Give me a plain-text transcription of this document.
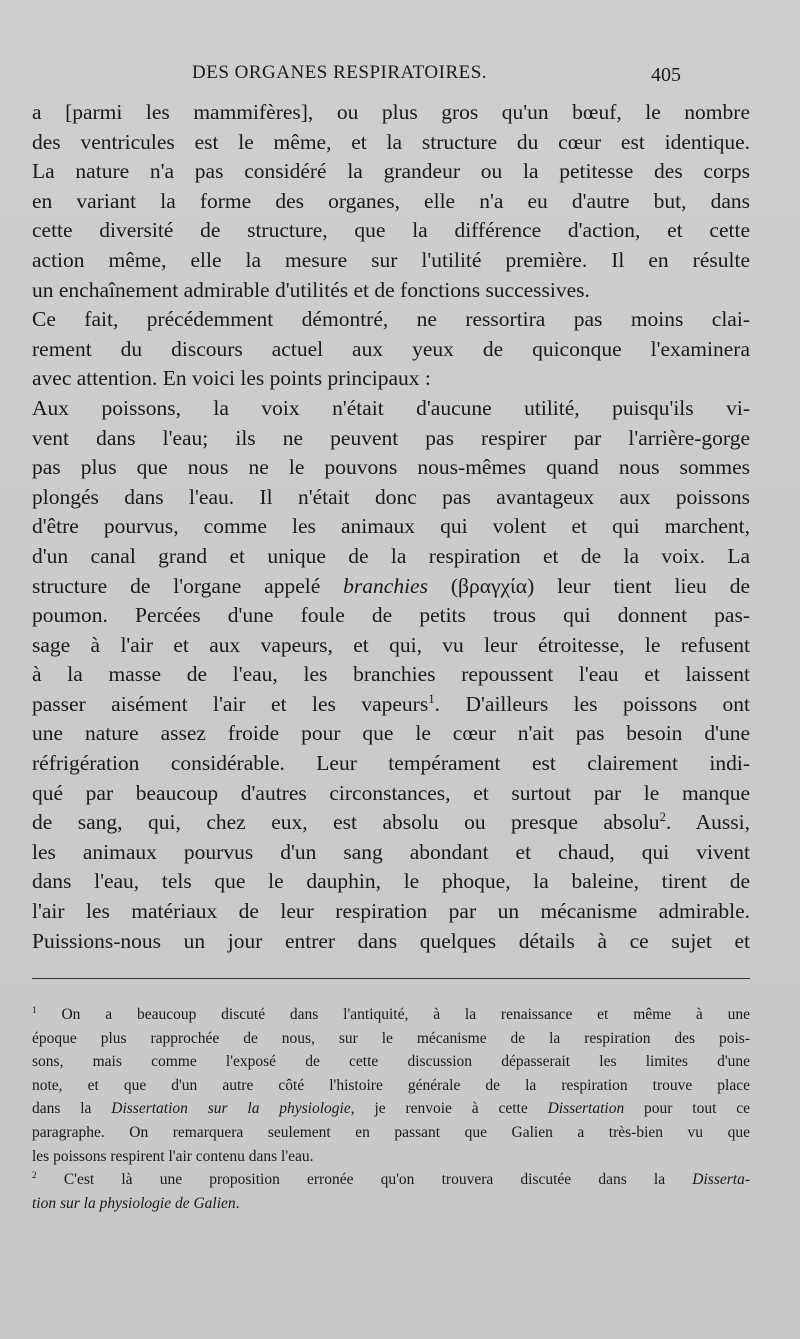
DES ORGANES RESPIRATOIRES.	405
a [parmi les mammifères], ou plus gros qu'un bœuf, le nombre
des ventricules est le même, et la structure du cœur est identique.
La nature n'a pas considéré la grandeur ou la petitesse des corps
en variant la forme des organes, elle n'a eu d'autre but, dans
cette diversité de structure, que la différence d'action, et cette
action même, elle la mesure sur l'utilité première. Il en résulte
un enchaînement admirable d'utilités et de fonctions successives.
Ce fait, précédemment démontré, ne ressortira pas moins clai-
rement du discours actuel aux yeux de quiconque l'examinera
avec attention. En voici les points principaux :
Aux poissons, la voix n'était d'aucune utilité, puisqu'ils vi-
vent dans l'eau; ils ne peuvent pas respirer par l'arrière-gorge
pas plus que nous ne le pouvons nous-mêmes quand nous sommes
plongés dans l'eau. Il n'était donc pas avantageux aux poissons
d'être pourvus, comme les animaux qui volent et qui marchent,
d'un canal grand et unique de la respiration et de la voix. La
structure de l'organe appelé branchies (βραγχία) leur tient lieu de
poumon. Percées d'une foule de petits trous qui donnent pas-
sage à l'air et aux vapeurs, et qui, vu leur étroitesse, le refusent
à la masse de l'eau, les branchies repoussent l'eau et laissent
passer aisément l'air et les vapeurs$^1$. D'ailleurs les poissons ont
une nature assez froide pour que le cœur n'ait pas besoin d'une
réfrigération considérable. Leur tempérament est clairement indi-
qué par beaucoup d'autres circonstances, et surtout par le manque
de sang, qui, chez eux, est absolu ou presque absolu$^2$. Aussi,
les animaux pourvus d'un sang abondant et chaud, qui vivent
dans l'eau, tels que le dauphin, le phoque, la baleine, tirent de
l'air les matériaux de leur respiration par un mécanisme admirable.
Puissions-nous un jour entrer dans quelques détails à ce sujet et
$^1$ On a beaucoup discuté dans l'antiquité, à la renaissance et même à une
époque plus rapprochée de nous, sur le mécanisme de la respiration des pois-
sons, mais comme l'exposé de cette discussion dépasserait les limites d'une
note, et que d'un autre côté l'histoire générale de la respiration trouve place
dans la Dissertation sur la physiologie, je renvoie à cette Dissertation pour tout ce
paragraphe. On remarquera seulement en passant que Galien a très-bien vu que
les poissons respirent l'air contenu dans l'eau.
$^2$ C'est là une proposition erronée qu'on trouvera discutée dans la Disserta-
tion sur la physiologie de Galien.
